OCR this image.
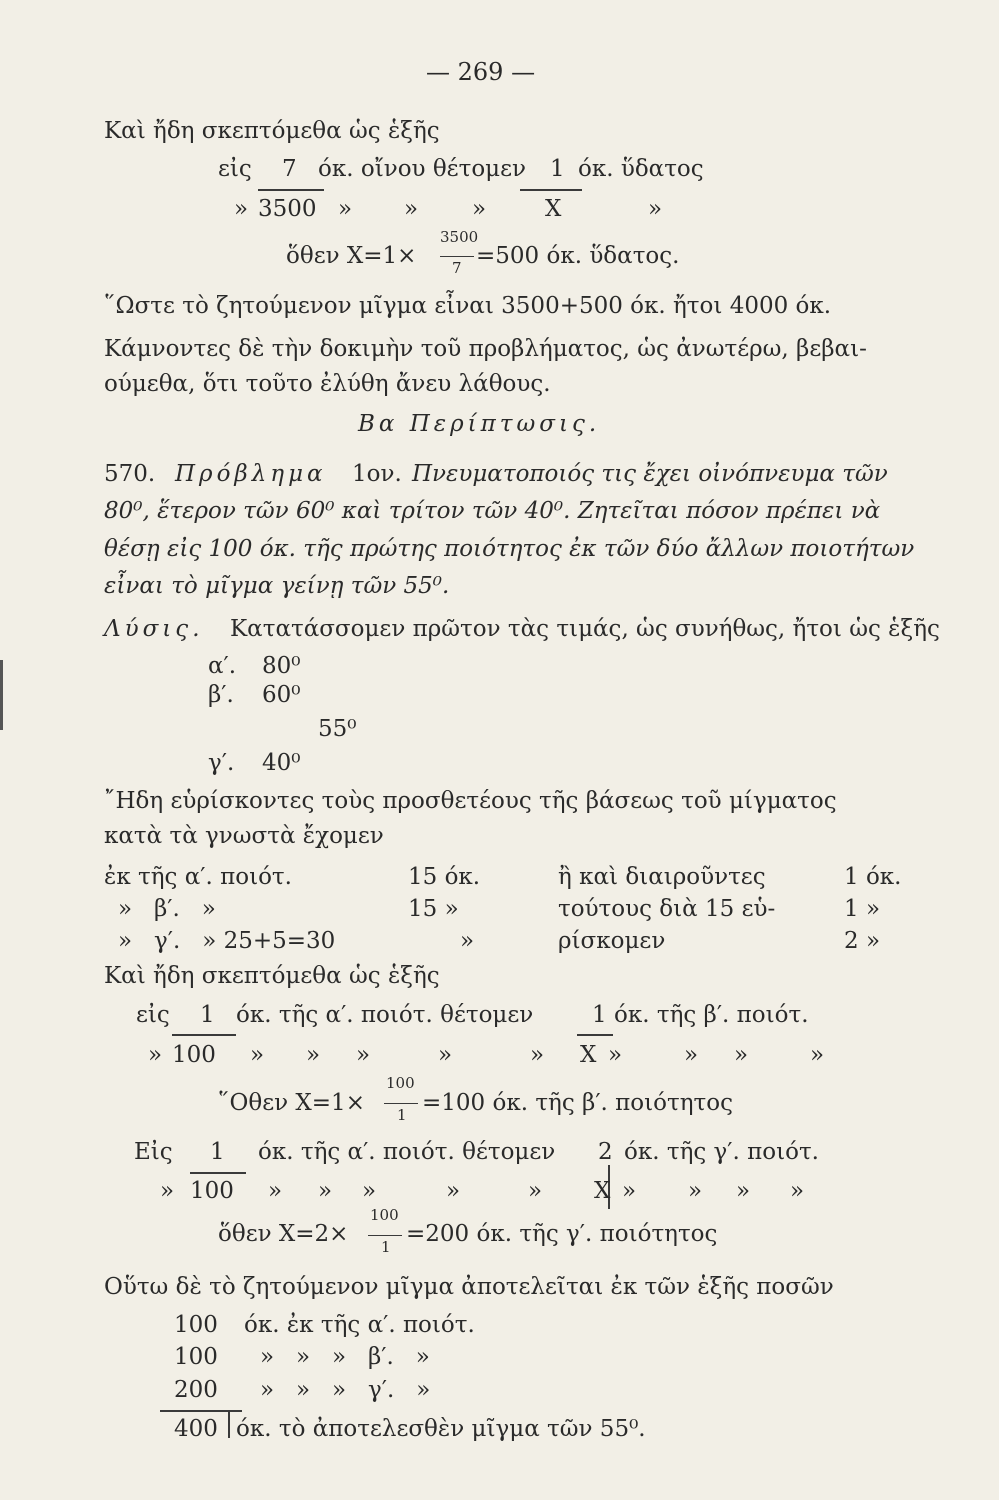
— 269 —
Καὶ ἤδη σκεπτόμεθα ὡς ἑξῆς
εἰς 7 όκ. οἴνου θέτομεν 1 όκ. ὕδατος
» 3500 » » »	X	»
ὅθεν X=1×
3500
7 =500 όκ. ὕδατος.
῞Ωστε τὸ ζητούμενον μῖγμα εἶναι 3500+500 όκ. ἤτοι 4000 όκ.
Κάμνοντες δὲ τὴν δοκιμὴν τοῦ προβλήματος, ὡς ἀνωτέρω, βεβαι-
ούμεθα, ὅτι τοῦτο ἐλύθη ἄνευ λάθους.
Βα Περίπτωσις.
570. Πρόβλημα 1ον. Πνευματοποιός τις ἔχει οἰνόπνευμα τῶν
80⁰, ἕτερον τῶν 60⁰ καὶ τρίτον τῶν 40⁰. Ζητεῖται πόσον πρέπει νὰ
θέσῃ εἰς 100 όκ. τῆς πρώτης ποιότητος ἐκ τῶν δύο ἄλλων ποιοτήτων
εἶναι τὸ μῖγμα γείνῃ τῶν 55⁰.
Λύσις. Κατατάσσομεν πρῶτον τὰς τιμάς, ὡς συνήθως, ἤτοι ὡς ἑξῆς
α′. 80⁰
β′. 60⁰
55⁰
γ′. 40⁰
῎Ηδη εὑρίσκοντες τοὺς προσθετέους τῆς βάσεως τοῦ μίγματος
κατὰ τὰ γνωστὰ ἔχομεν
ἐκ τῆς α′. ποιότ.	15 όκ.	ἢ καὶ διαιροῦντες	1 όκ.
»   β′.   »	15 »	τούτους διὰ 15 εὑ-	1 »
»   γ′.   » 25+5=30	»	ρίσκομεν	2 »
Καὶ ἤδη σκεπτόμεθα ὡς ἑξῆς
εἰς 1 όκ. τῆς α′. ποιότ. θέτομεν	1 όκ. τῆς β′. ποιότ.
» 100 » » »	»	» X »	» »	»
῞Οθεν X=1×
100
1 =100 όκ. τῆς β′. ποιότητος
Εἰς 1 όκ. τῆς α′. ποιότ. θέτομεν 2 όκ. τῆς γ′. ποιότ.
» 100 » » »	»	» X » » » »
ὅθεν X=2×
100
1 =200 όκ. τῆς γ′. ποιότητος
Οὕτω δὲ τὸ ζητούμενον μῖγμα ἀποτελεῖται ἐκ τῶν ἑξῆς ποσῶν
100 όκ. ἐκ τῆς α′. ποιότ.
100 »   »   »   β′.   »
200 »   »   »   γ′.   »
400 όκ. τὸ ἀποτελεσθὲν μῖγμα τῶν 55⁰.
